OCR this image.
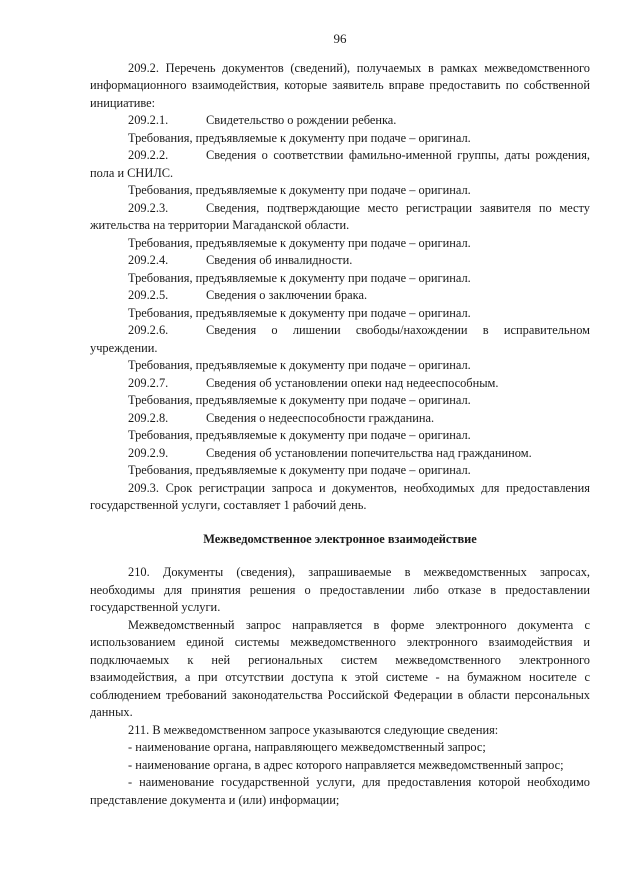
96

209.2. Перечень документов (сведений), получаемых в рамках межведомственного информационного взаимодействия, которые заявитель вправе предоставить по собственной инициативе:

209.2.1.	Свидетельство о рождении ребенка.

Требования, предъявляемые к документу при подаче – оригинал.

209.2.2.	Сведения о соответствии фамильно-именной группы, даты рождения, пола и СНИЛС.

Требования, предъявляемые к документу при подаче – оригинал.

209.2.3.	Сведения, подтверждающие место регистрации заявителя по месту жительства на территории Магаданской области.

Требования, предъявляемые к документу при подаче – оригинал.

209.2.4.	Сведения об инвалидности.

Требования, предъявляемые к документу при подаче – оригинал.

209.2.5.	Сведения о заключении брака.

Требования, предъявляемые к документу при подаче – оригинал.

209.2.6.	Сведения о лишении свободы/нахождении в исправительном учреждении.

Требования, предъявляемые к документу при подаче – оригинал.

209.2.7.	Сведения об установлении опеки над недееспособным.

Требования, предъявляемые к документу при подаче – оригинал.

209.2.8.	Сведения о недееспособности гражданина.

Требования, предъявляемые к документу при подаче – оригинал.

209.2.9.	Сведения об установлении попечительства над гражданином.

Требования, предъявляемые к документу при подаче – оригинал.

209.3. Срок регистрации запроса и документов, необходимых для предоставления государственной услуги, составляет 1 рабочий день.

Межведомственное электронное взаимодействие

210. Документы (сведения), запрашиваемые в межведомственных запросах, необходимы для принятия решения о предоставлении либо отказе в предоставлении государственной услуги.

Межведомственный запрос направляется в форме электронного документа с использованием единой системы межведомственного электронного взаимодействия и подключаемых к ней региональных систем межведомственного электронного взаимодействия, а при отсутствии доступа к этой системе - на бумажном носителе с соблюдением требований законодательства Российской Федерации в области персональных данных.

211. В межведомственном запросе указываются следующие сведения:

- наименование органа, направляющего межведомственный запрос;

- наименование органа, в адрес которого направляется межведомственный запрос;

- наименование государственной услуги, для предоставления которой необходимо представление документа и (или) информации;
